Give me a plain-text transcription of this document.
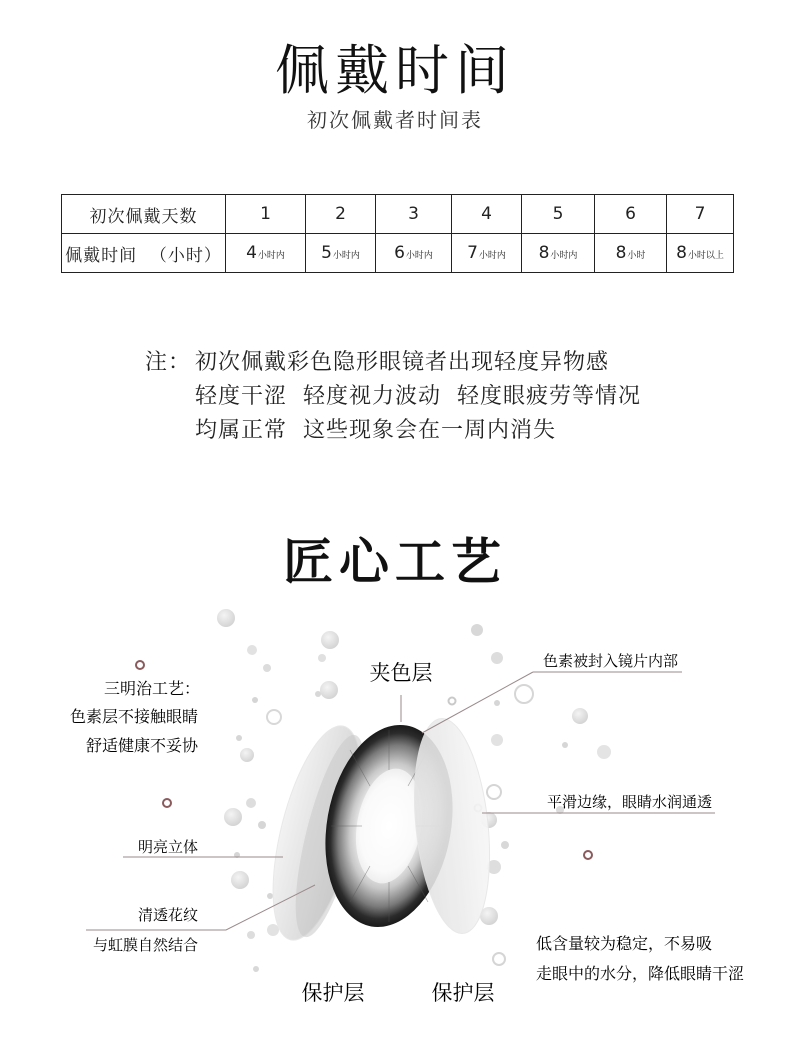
佩戴时间
初次佩戴者时间表
初次佩戴天数	1	2	3	4	5	6	7
佩戴时间  （小时）	4小时内	5小时内	6小时内	7小时内	8小时内	8小时	8小时以上
注： 初次佩戴彩色隐形眼镜者出现轻度异物感
轻度干涩  轻度视力波动  轻度眼疲劳等情况
均属正常  这些现象会在一周内消失
匠心工艺
夹色层	色素被封入镜片内部
三明治工艺：
色素层不接触眼睛
舒适健康不妥协
平滑边缘，眼睛水润通透
明亮立体
清透花纹
与虹膜自然结合	低含量较为稳定，不易吸
走眼中的水分，降低眼睛干涩
保护层	保护层
